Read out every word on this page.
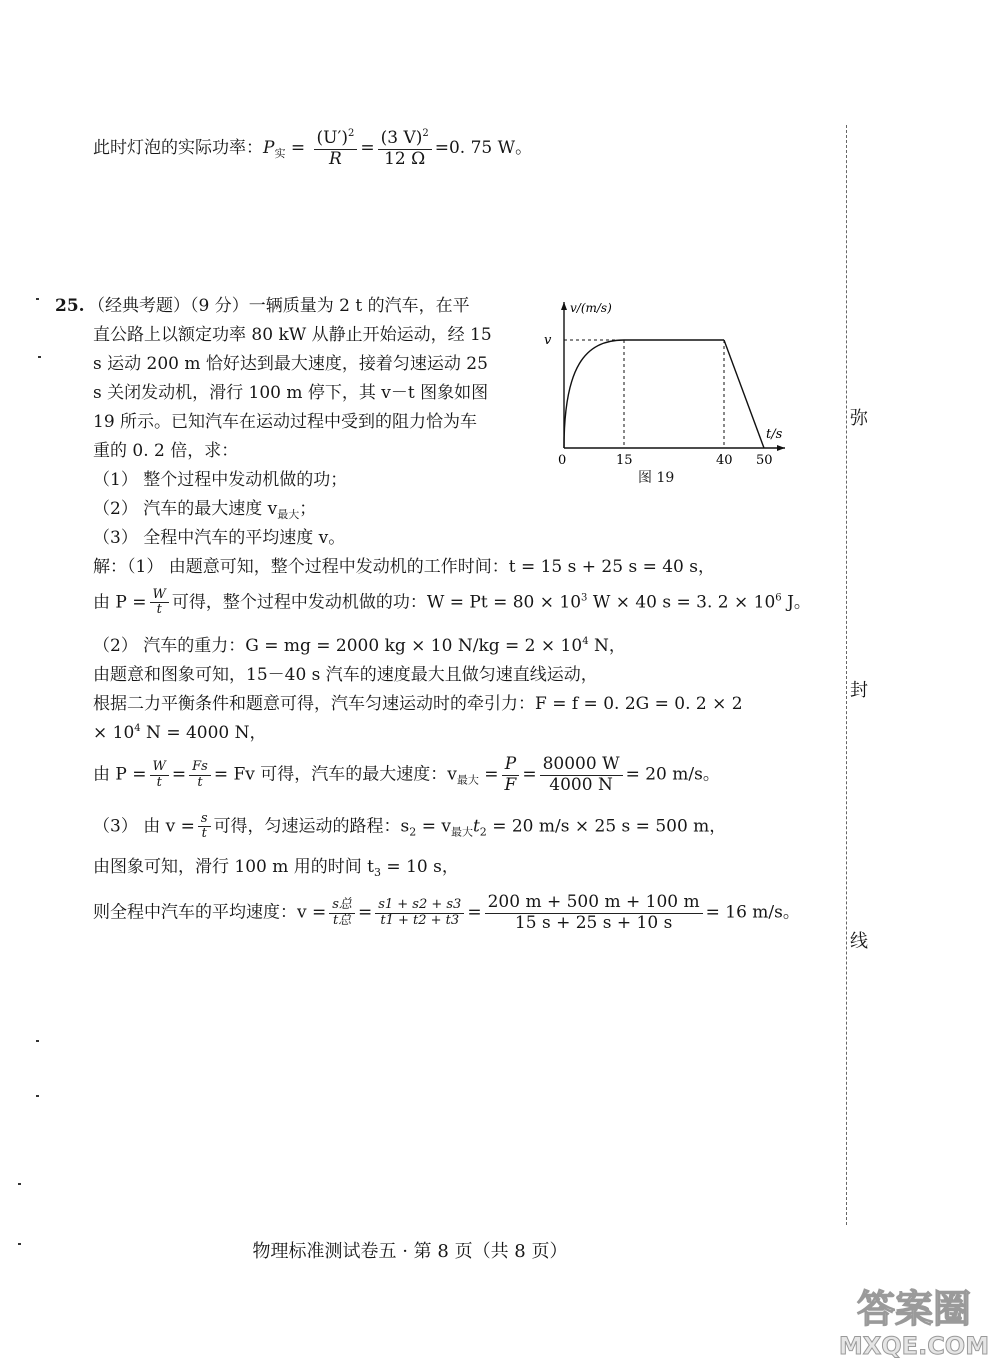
此时灯泡的实际功率：$P_实 = \frac{(U')^2}{R} = \frac{(3 V)^2}{12 \Omega} =0$. 75 W。
25. （经典考题）（9 分）一辆质量为 2 t 的汽车，在平
直公路上以额定功率 80 kW 从静止开始运动，经 15
s 运动 200 m 恰好达到最大速度，接着匀速运动 25
s 关闭发动机，滑行 100 m 停下，其 v－t 图象如图
19 所示。已知汽车在运动过程中受到的阻力恰为车
重的 0. 2 倍，求：
（1） 整个过程中发动机做的功；
（2） 汽车的最大速度 $v_{最大}$；
（3） 全程中汽车的平均速度 v。
v/(m/s)
t/s
v
0	15	40 50
图 19
解：（1） 由题意可知，整个过程中发动机的工作时间：t = 15 s + 25 s = 40 s，
由 $P = \frac{W}{t}$ 可得，整个过程中发动机做的功：$W = Pt = 80 \times 10^3$ W × 40 s = 3. $2 \times 10^6$ J。
（2） 汽车的重力：G = mg = 2000 kg × 10 $N/kg = 2 \times 10^4$ N，
由题意和图象可知，15－40 s 汽车的速度最大且做匀速直线运动，
根据二力平衡条件和题意可得，汽车匀速运动时的牵引力：F = f = 0. 2G = 0. 2 × 2
× $10^4$ N = 4000 N，
由 $P = \frac{W}{t} = \frac{Fs}{t} = Fv$ 可得，汽车的最大速度：$v_{最大} = \frac{P}{F} = \frac{80000 W}{4000 N} = 20$ m/s。
（3） 由 $v = \frac{s}{t}$ 可得，匀速运动的路程：$s_2 = v_{最大}t_2 = 20$ m/s × 25 s = 500 m，
由图象可知，滑行 100 m 用的时间 $t_3 = 10$ s，
则全程中汽车的平均速度：$v = \frac{\text{s总}}{\text{t总}} = \frac{s1 + s2 + s3}{t1 + t2 + t3} = \frac{200 m + 500 m + 100 m}{15 s + 25 s + 10 s} = 16$ m/s。
弥
封
线
物理标准测试卷五 · 第 8 页（共 8 页）
答案圈
MXQE.COM
